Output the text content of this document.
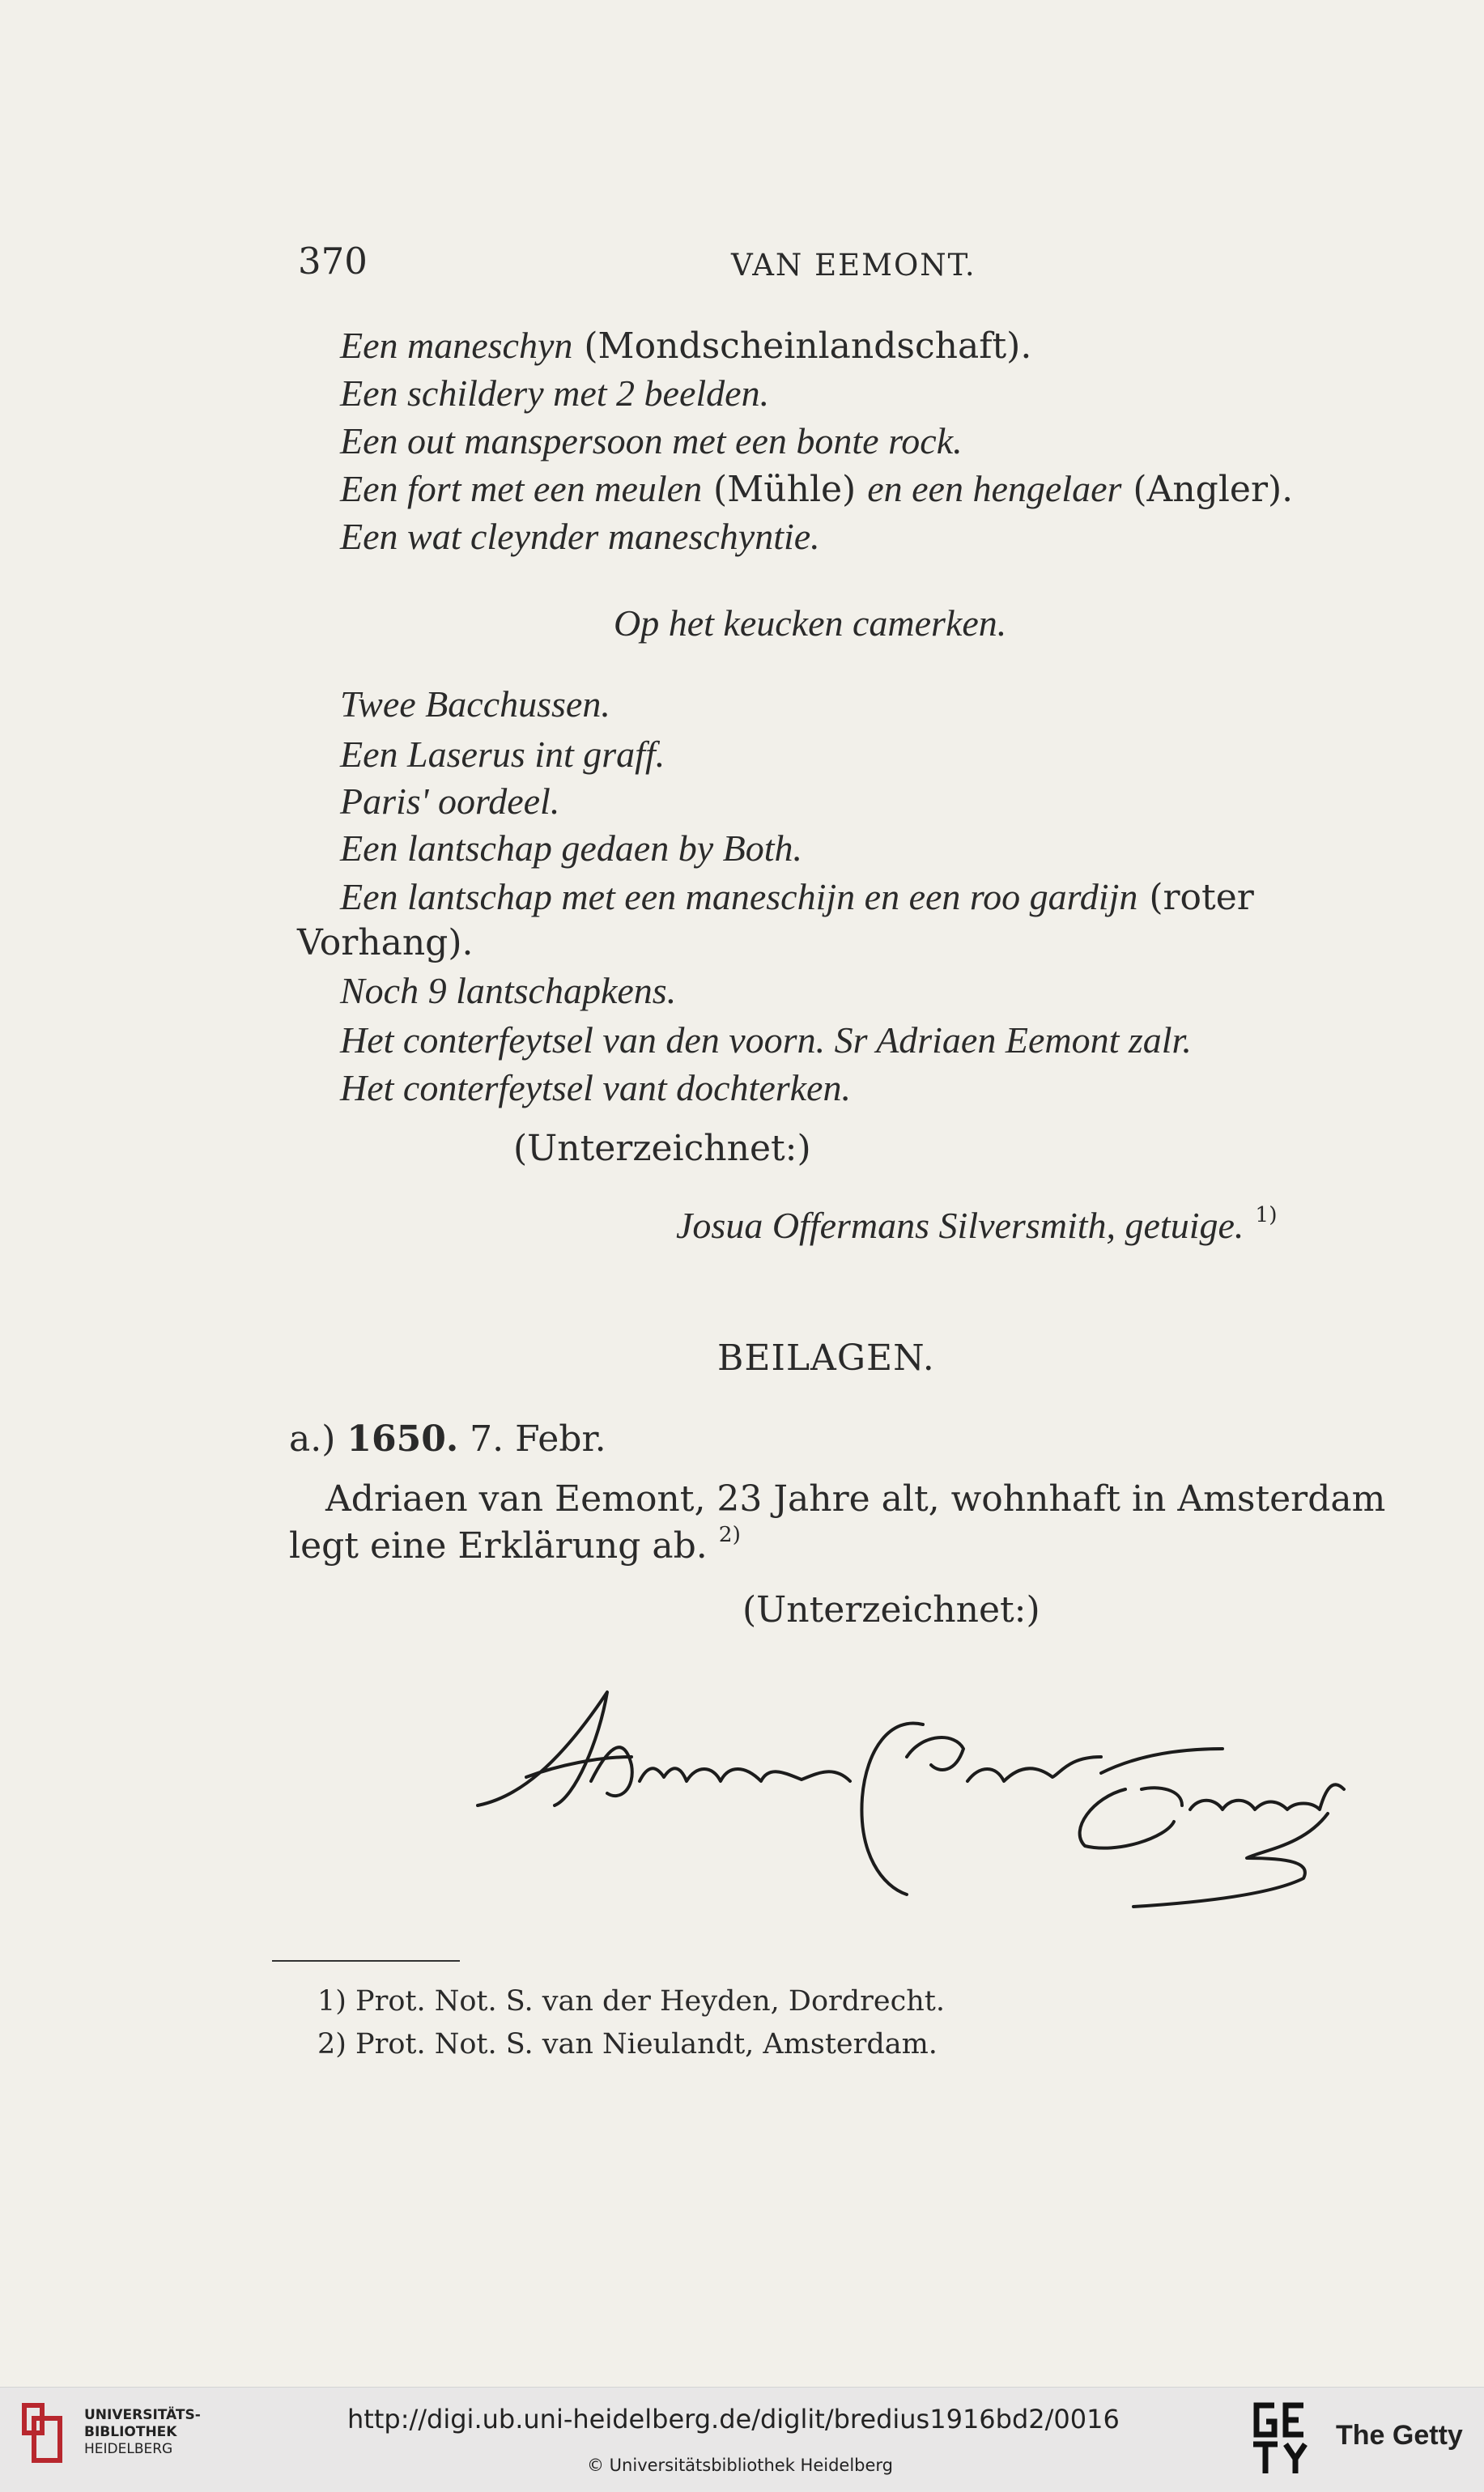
370	VAN EEMONT.
Een maneschyn (Mondscheinlandschaft).
Een schildery met 2 beelden.
Een out manspersoon met een bonte rock.
Een fort met een meulen (Mühle) en een hengelaer (Angler).
Een wat cleynder maneschyntie.
Op het keucken camerken.
Twee Bacchussen.
Een Laserus int graff.
Paris' oordeel.
Een lantschap gedaen by Both.
Een lantschap met een maneschijn en een roo gardijn (roter
Vorhang).
Noch 9 lantschapkens.
Het conterfeytsel van den voorn. Sr Adriaen Eemont zalr.
Het conterfeytsel vant dochterken.
(Unterzeichnet:)
Josua Offermans Silversmith, getuige. $^{1)}$
BEILAGEN.
a.) 1650. 7. Febr.
Adriaen van Eemont, 23 Jahre alt, wohnhaft in Amsterdam
legt eine Erklärung ab. $^{2)}$
(Unterzeichnet:)
1) Prot. Not. S. van der Heyden, Dordrecht.
2) Prot. Not. S. van Nieulandt, Amsterdam.
UNIVERSITÄTS-
BIBLIOTHEK
HEIDELBERG
http://digi.ub.uni-heidelberg.de/diglit/bredius1916bd2/0016
© Universitätsbibliothek Heidelberg
The Getty
